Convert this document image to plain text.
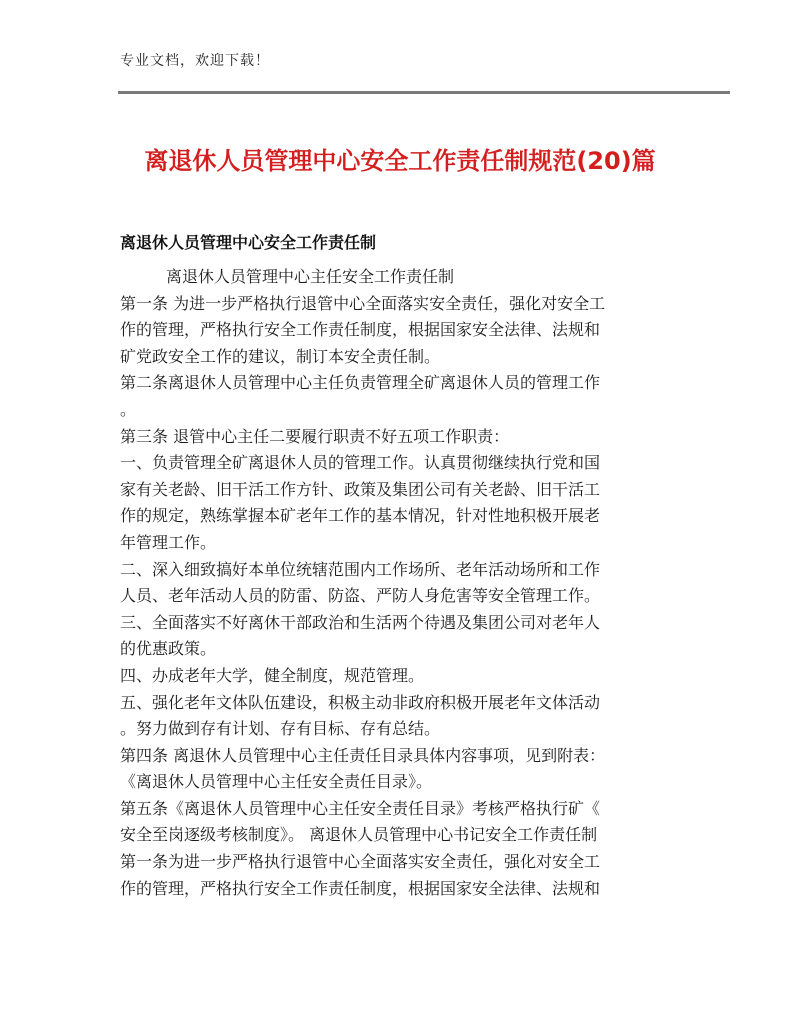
专业文档，欢迎下载！
离退休人员管理中心安全工作责任制规范(20)篇
离退休人员管理中心安全工作责任制
离退休人员管理中心主任安全工作责任制
第一条 为进一步严格执行退管中心全面落实安全责任，强化对安全工
作的管理，严格执行安全工作责任制度，根据国家安全法律、法规和
矿党政安全工作的建议，制订本安全责任制。
第二条离退休人员管理中心主任负责管理全矿离退休人员的管理工作
。
第三条 退管中心主任二要履行职责不好五项工作职责：
一、负责管理全矿离退休人员的管理工作。认真贯彻继续执行党和国
家有关老龄、旧干活工作方针、政策及集团公司有关老龄、旧干活工
作的规定，熟练掌握本矿老年工作的基本情况，针对性地积极开展老
年管理工作。
二、深入细致搞好本单位统辖范围内工作场所、老年活动场所和工作
人员、老年活动人员的防雷、防盗、严防人身危害等安全管理工作。
三、全面落实不好离休干部政治和生活两个待遇及集团公司对老年人
的优惠政策。
四、办成老年大学，健全制度，规范管理。
五、强化老年文体队伍建设，积极主动非政府积极开展老年文体活动
。努力做到存有计划、存有目标、存有总结。
第四条 离退休人员管理中心主任责任目录具体内容事项，见到附表：
《离退休人员管理中心主任安全责任目录》。
第五条《离退休人员管理中心主任安全责任目录》考核严格执行矿《
安全至岗逐级考核制度》。 离退休人员管理中心书记安全工作责任制
第一条为进一步严格执行退管中心全面落实安全责任，强化对安全工
作的管理，严格执行安全工作责任制度，根据国家安全法律、法规和
